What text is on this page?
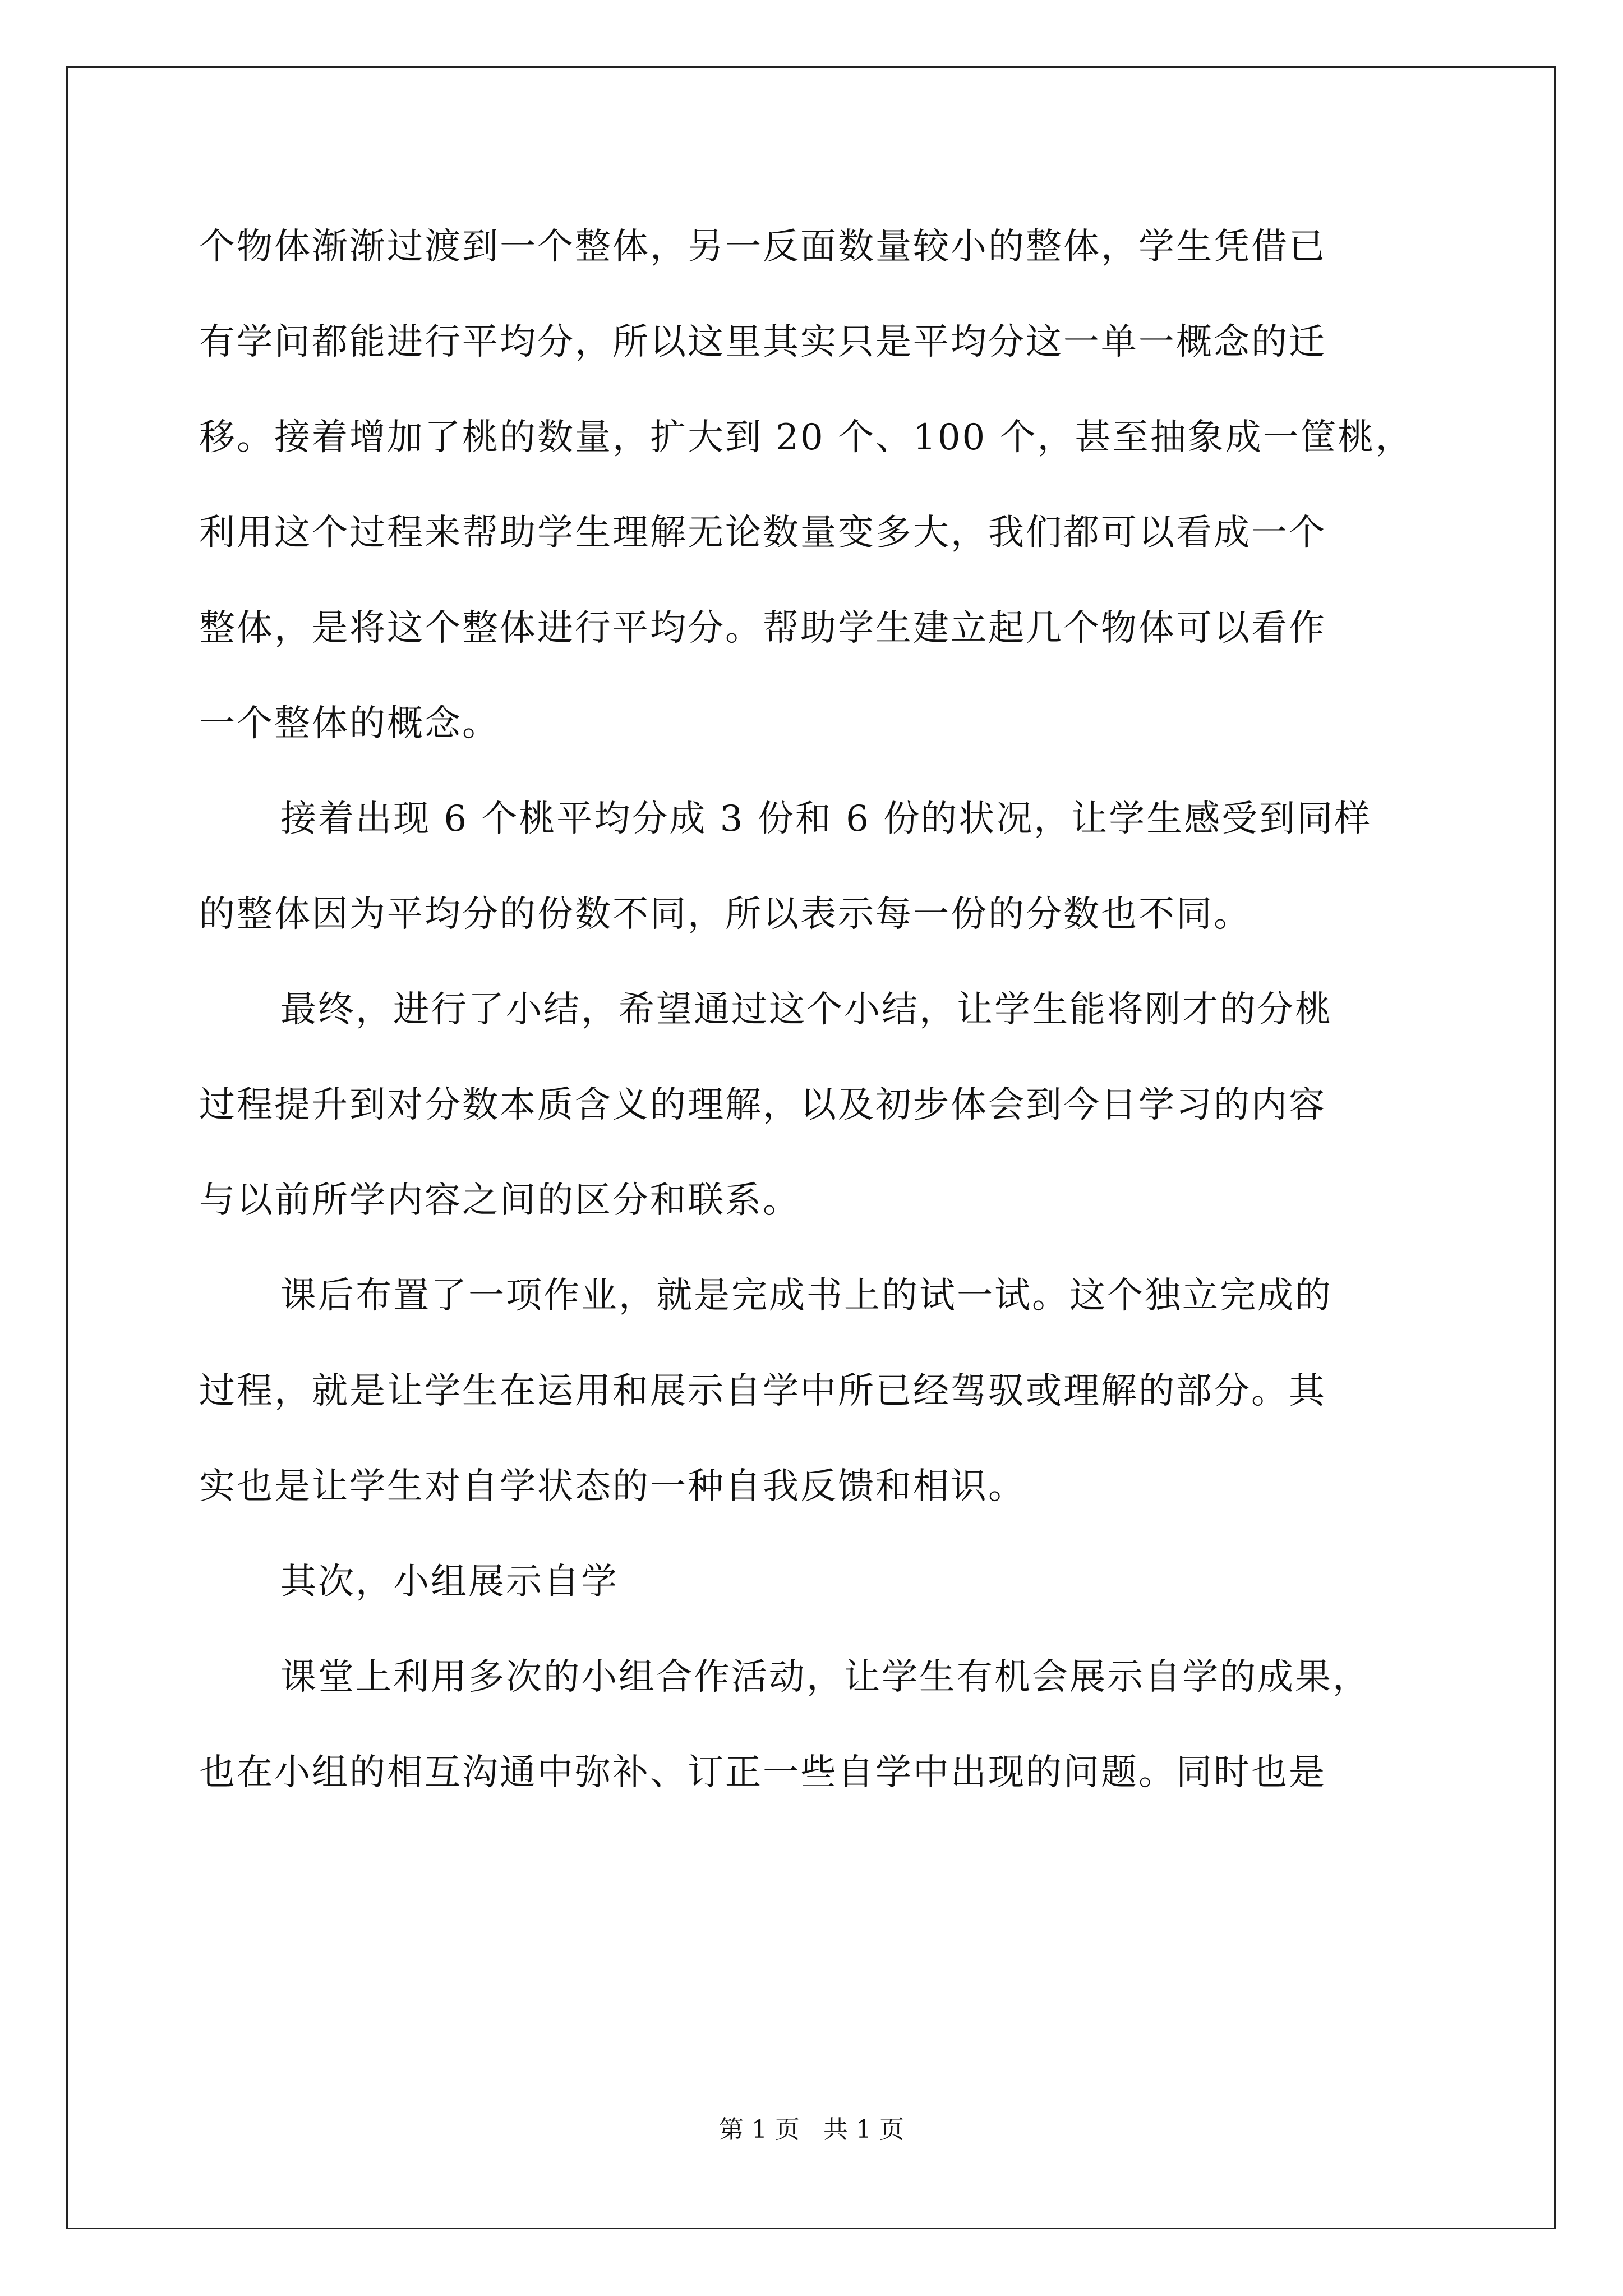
个物体渐渐过渡到一个整体，另一反面数量较小的整体，学生凭借已
有学问都能进行平均分，所以这里其实只是平均分这一单一概念的迁
移。接着增加了桃的数量，扩大到 20 个、100 个，甚至抽象成一筐桃，
利用这个过程来帮助学生理解无论数量变多大，我们都可以看成一个
整体，是将这个整体进行平均分。帮助学生建立起几个物体可以看作
一个整体的概念。
接着出现 6 个桃平均分成 3 份和 6 份的状况，让学生感受到同样
的整体因为平均分的份数不同，所以表示每一份的分数也不同。
最终，进行了小结，希望通过这个小结，让学生能将刚才的分桃
过程提升到对分数本质含义的理解，以及初步体会到今日学习的内容
与以前所学内容之间的区分和联系。
课后布置了一项作业，就是完成书上的试一试。这个独立完成的
过程，就是让学生在运用和展示自学中所已经驾驭或理解的部分。其
实也是让学生对自学状态的一种自我反馈和相识。
其次，小组展示自学
课堂上利用多次的小组合作活动，让学生有机会展示自学的成果，
也在小组的相互沟通中弥补、订正一些自学中出现的问题。同时也是
第 1 页   共 1 页
